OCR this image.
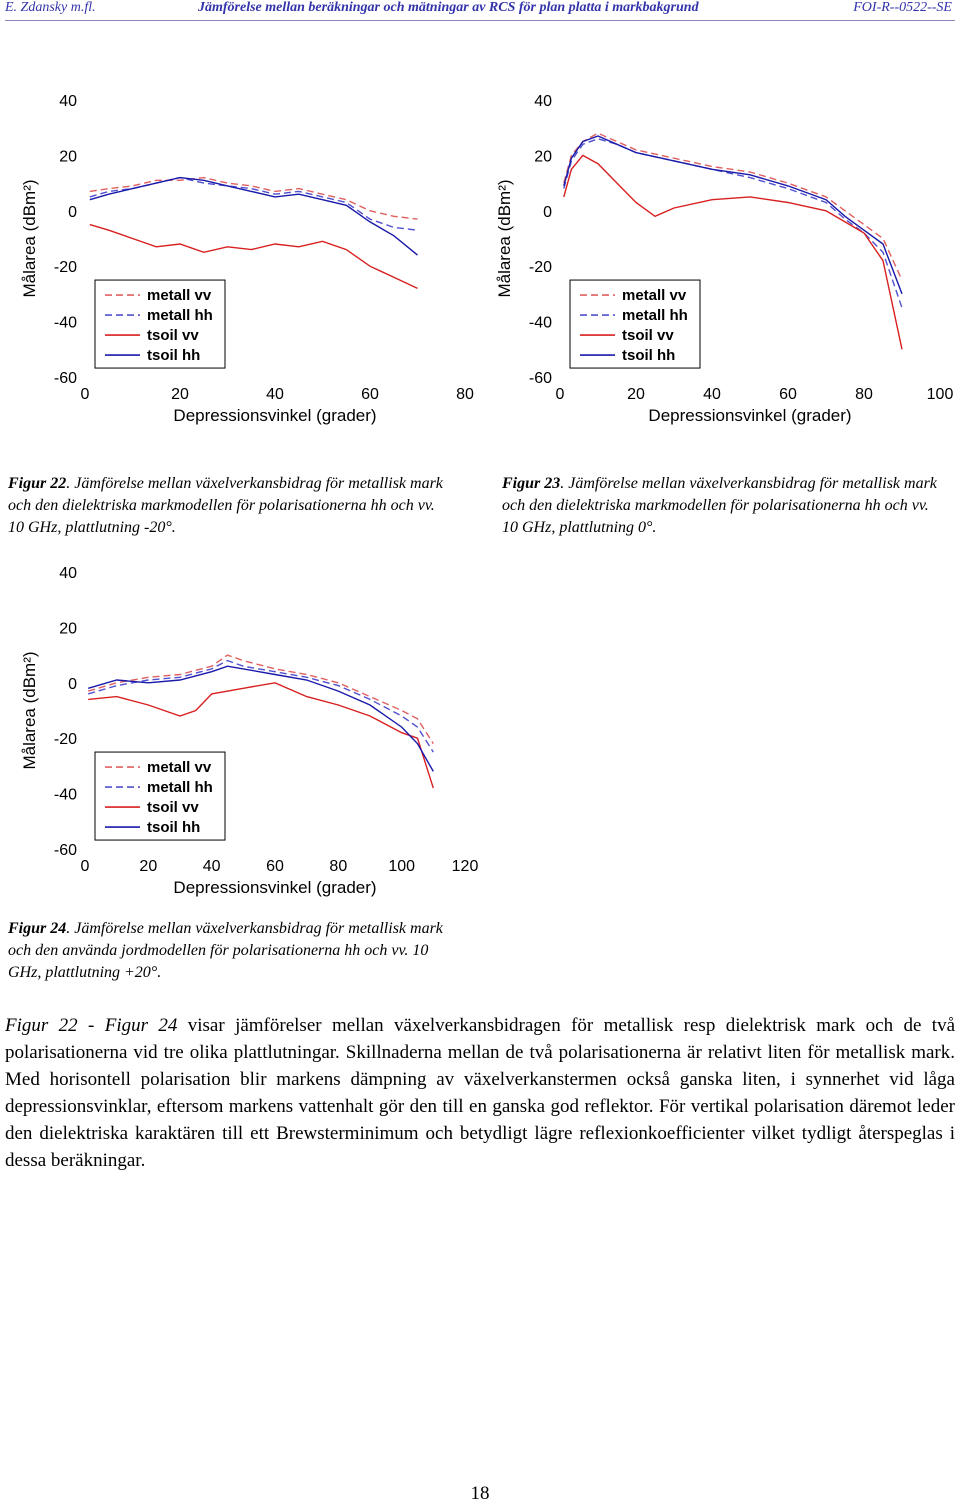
E. Zdansky m.fl.	Jämförelse mellan beräkningar och mätningar av RCS för plan platta i markbakgrund	FOI-R--0522--SE
40
20
0
-20
-40
-60
0	20	40	60	80
Depressionsvinkel (grader)
Målarea (dBm²)	metall vv
metall hh
tsoil vv
tsoil hh
40
20
0
-20
-40
-60
0	20	40	60	80	100
Depressionsvinkel (grader)
Målarea (dBm²)	metall vv
metall hh
tsoil vv
tsoil hh
40
20
0
-20
-40
-60
0	20	40	60	80	100 120
Depressionsvinkel (grader)
Målarea (dBm²)	metall vv
metall hh
tsoil vv
tsoil hh
Figur 22. Jämförelse mellan växelverkansbidrag för metallisk mark och den dielektriska markmodellen för polarisationerna hh och vv. 10 GHz, plattlutning -20°.
Figur 23. Jämförelse mellan växelverkansbidrag för metallisk mark och den dielektriska markmodellen för polarisationerna hh och vv. 10 GHz, plattlutning 0°.
Figur 24. Jämförelse mellan växelverkansbidrag för metallisk mark och den använda jordmodellen för polarisationerna hh och vv. 10 GHz, plattlutning +20°.

Figur 22 - Figur 24 visar jämförelser mellan växelverkansbidragen för metallisk resp dielektrisk mark och de två polarisationerna vid tre olika plattlutningar. Skillnaderna mellan de två polarisationerna är relativt liten för metallisk mark. Med horisontell polarisation blir markens dämpning av växelverkanstermen också ganska liten, i synnerhet vid låga depressionsvinklar, eftersom markens vattenhalt gör den till en ganska god reflektor. För vertikal polarisation däremot leder den dielektriska karaktären till ett Brewsterminimum och betydligt lägre reflexionkoefficienter vilket tydligt återspeglas i dessa beräkningar.

18
